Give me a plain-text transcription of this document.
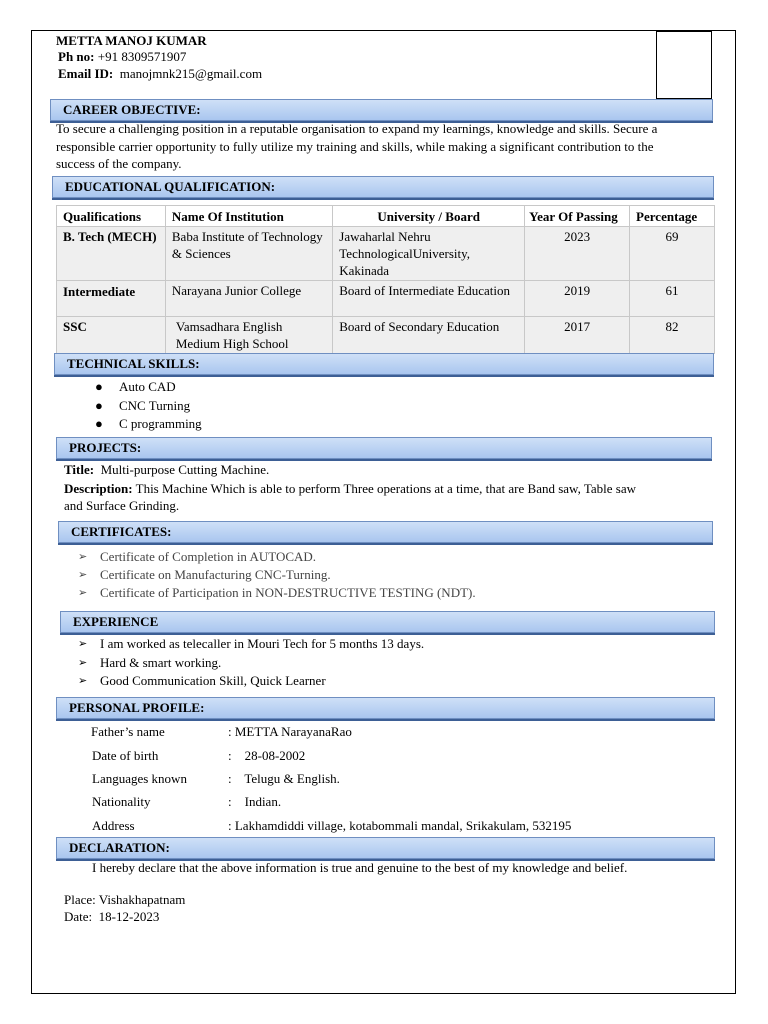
METTA MANOJ KUMAR
Ph no: +91 8309571907
Email ID: manojmnk215@gmail.com
CAREER OBJECTIVE:
To secure a challenging position in a reputable organisation to expand my learnings, knowledge and skills. Secure a
responsible carrier opportunity to fully utilize my training and skills, while making a significant contribution to the
success of the company.
EDUCATIONAL QUALIFICATION:
Qualifications	Name Of Institution	University / Board	Year Of Passing	Percentage
B. Tech (MECH)	Baba Institute of Technology & Sciences	Jawaharlal Nehru TechnologicalUniversity, Kakinada	2023	69
Intermediate	Narayana Junior College	Board of Intermediate Education	2019	61
SSC	Vamsadhara English Medium High School	Board of Secondary Education	2017	82
TECHNICAL SKILLS:
● Auto CAD
● CNC Turning
● C programming
PROJECTS:
Title: Multi-purpose Cutting Machine.
Description: This Machine Which is able to perform Three operations at a time, that are Band saw, Table saw
and Surface Grinding.
CERTIFICATES:
➢ Certificate of Completion in AUTOCAD.
➢ Certificate on Manufacturing CNC-Turning.
➢ Certificate of Participation in NON-DESTRUCTIVE TESTING (NDT).
EXPERIENCE
➢ I am worked as telecaller in Mouri Tech for 5 months 13 days.
➢ Hard & smart working.
➢ Good Communication Skill, Quick Learner
PERSONAL PROFILE:
Father’s name	: METTA NarayanaRao
Date of birth	:    28-08-2002
Languages known	:    Telugu & English.
Nationality	:    Indian.
Address	: Lakhamdiddi village, kotabommali mandal, Srikakulam, 532195
DECLARATION:
I hereby declare that the above information is true and genuine to the best of my knowledge and belief.
Place: Vishakhapatnam
Date: 18-12-2023
